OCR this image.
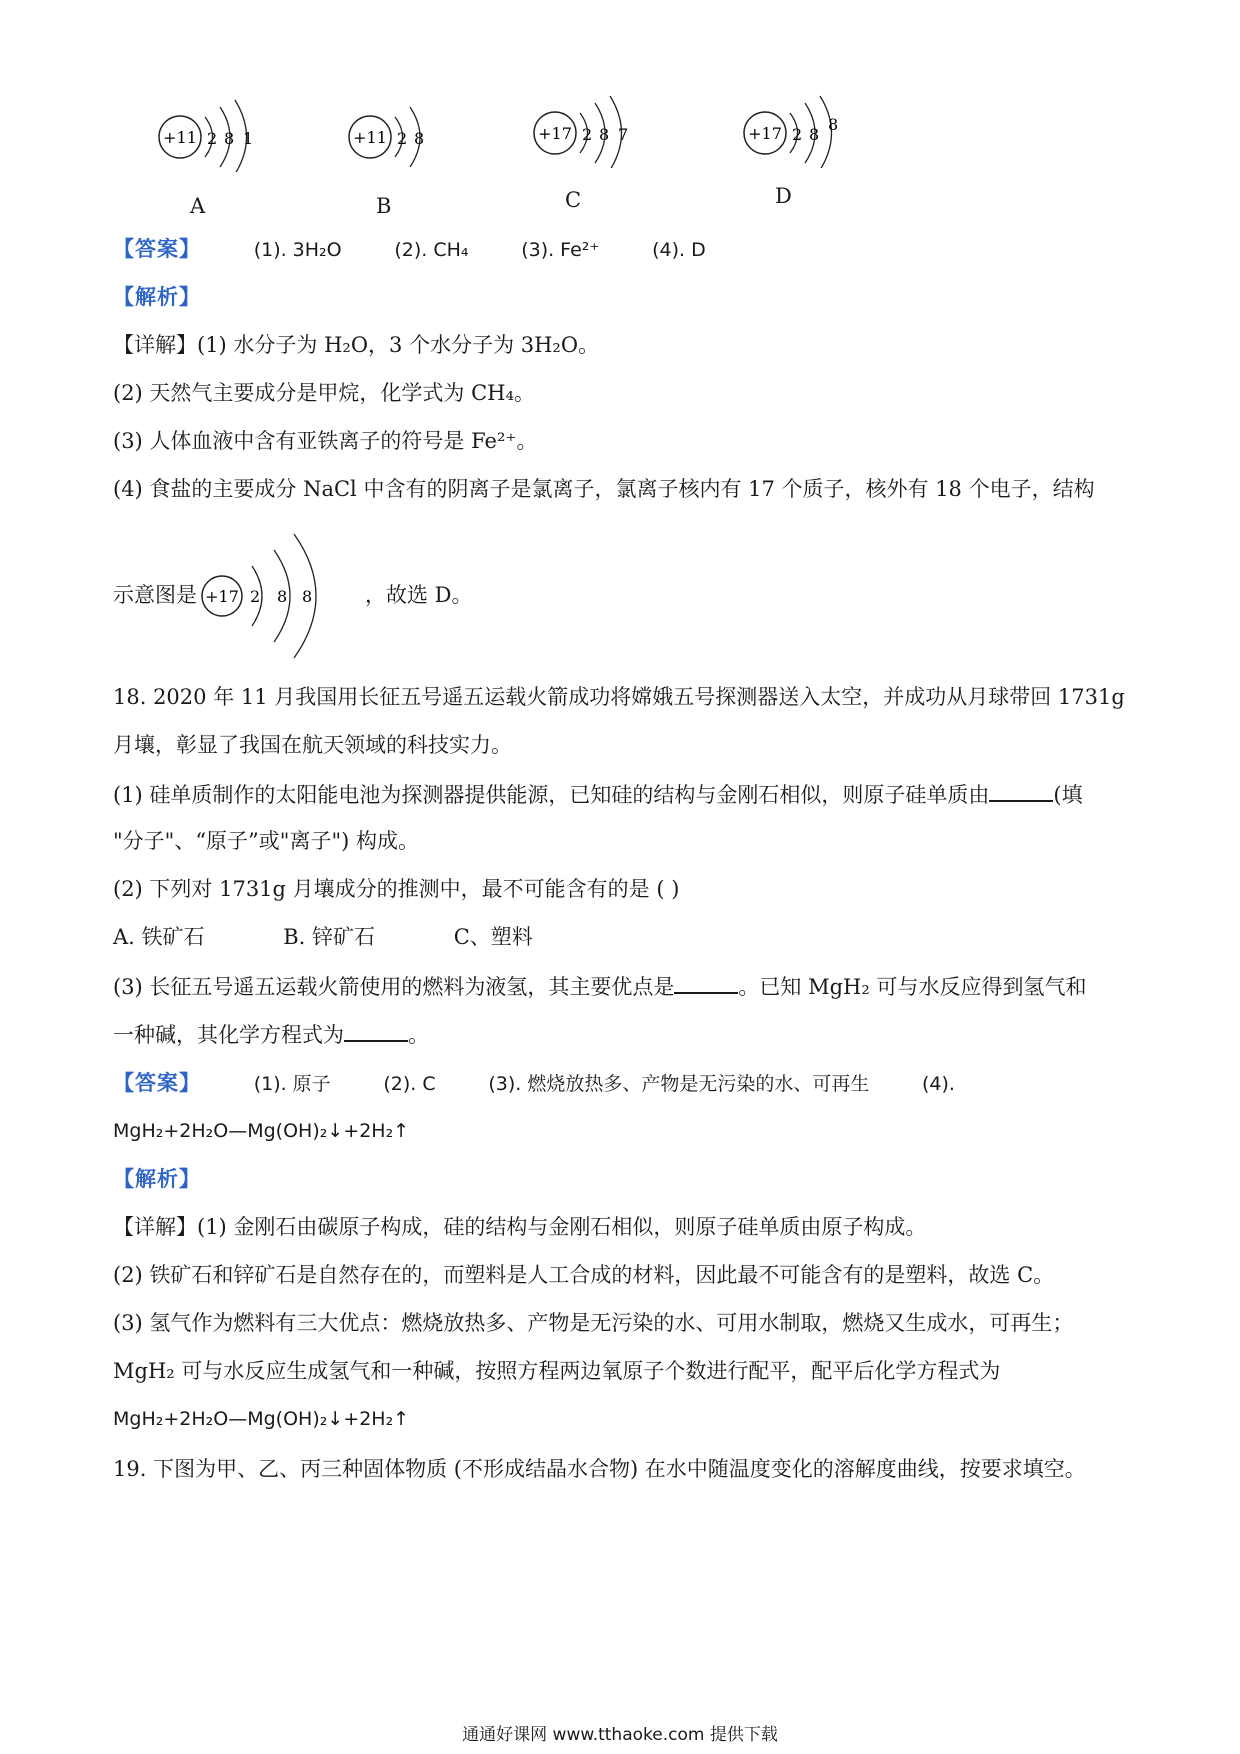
+11 2 8 1
A
+11 2 8
B
+17 2 8 7
C
+17 2 8
8
D
【答案】	(1). 3H₂O	(2). CH₄	(3). Fe²⁺	(4). D
【解析】
【详解】(1) 水分子为 H₂O，3 个水分子为 3H₂O。
(2) 天然气主要成分是甲烷，化学式为 CH₄。
(3) 人体血液中含有亚铁离子的符号是 Fe²⁺。
(4) 食盐的主要成分 NaCl 中含有的阴离子是氯离子，氯离子核内有 17 个质子，核外有 18 个电子，结构
示意图是 +17 2 8 8	，故选 D。
18. 2020 年 11 月我国用长征五号遥五运载火箭成功将嫦娥五号探测器送入太空，并成功从月球带回 1731g
月壤，彰显了我国在航天领域的科技实力。
(1) 硅单质制作的太阳能电池为探测器提供能源，已知硅的结构与金刚石相似，则原子硅单质由	(填
"分子"、“原子”或"离子") 构成。
(2) 下列对 1731g 月壤成分的推测中，最不可能含有的是 ( )
A. 铁矿石	B. 锌矿石	C、塑料
(3) 长征五号遥五运载火箭使用的燃料为液氢，其主要优点是	。已知 MgH₂ 可与水反应得到氢气和
一种碱，其化学方程式为	。
【答案】	(1). 原子	(2). C	(3). 燃烧放热多、产物是无污染的水、可再生	(4).
MgH₂+2H₂O—Mg(OH)₂↓+2H₂↑
【解析】
【详解】(1) 金刚石由碳原子构成，硅的结构与金刚石相似，则原子硅单质由原子构成。
(2) 铁矿石和锌矿石是自然存在的，而塑料是人工合成的材料，因此最不可能含有的是塑料，故选 C。
(3) 氢气作为燃料有三大优点：燃烧放热多、产物是无污染的水、可用水制取，燃烧又生成水，可再生；
MgH₂ 可与水反应生成氢气和一种碱，按照方程两边氧原子个数进行配平，配平后化学方程式为
MgH₂+2H₂O—Mg(OH)₂↓+2H₂↑
19. 下图为甲、乙、丙三种固体物质 (不形成结晶水合物) 在水中随温度变化的溶解度曲线，按要求填空。
通通好课网 www.tthaoke.com 提供下载
